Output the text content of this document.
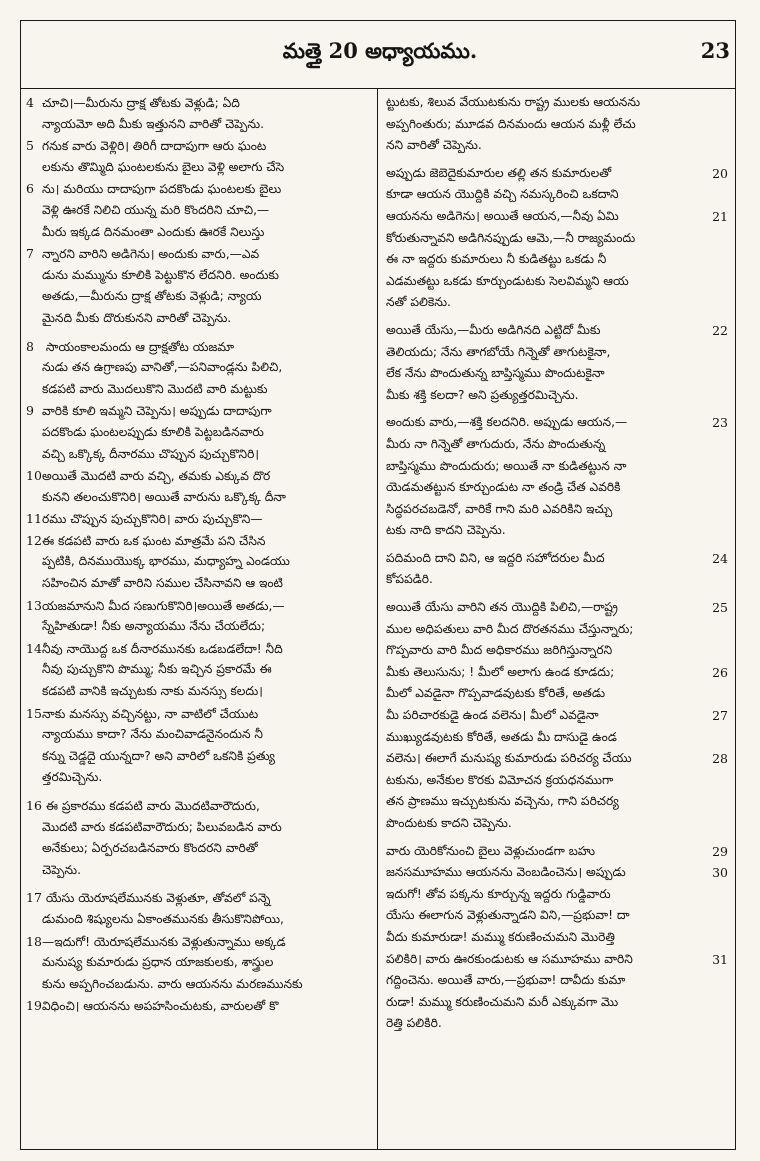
మత్తై 20 అధ్యాయము.	23
4 చూచి।—మీరును ద్రాక్ష తోటకు వెళ్లుడి; ఏది
న్యాయమో అది మీకు ఇత్తునని వారితో చెప్పెను.
5 గనుక వారు వెళ్లిరి। తిరిగీ దాదాపుగా ఆరు ఘంట
లకును తొమ్మిది ఘంటలకును బైలు వెళ్లి అలాగు చేసె
6 ను। మరియు దాదాపుగా పదకొండు ఘంటలకు బైలు
వెళ్లి ఊరకే నిలిచి యున్న మరి కొందరిని చూచి,—
మీరు ఇక్కడ దినమంతా ఎందుకు ఊరకే నిలుస్తు
7 న్నారని వారిని అడిగెను। అందుకు వారు,—ఎవ
డును మమ్మును కూలికి పెట్టుకొన లేదనిరి. అందుకు
అతడు,—మీరును ద్రాక్ష తోటకు వెళ్లుడి; న్యాయ
మైనది మీకు దొరుకునని వారితో చెప్పెను.
8 సాయంకాలమందు ఆ ద్రాక్షతోట యజమా
నుడు తన ఉగ్రాణపు వానితో,—పనివాండ్లను పిలిచి,
కడపటి వారు మొదలుకొని మొదటి వారి మట్టుకు
9 వారికి కూలి ఇమ్మని చెప్పెను। అప్పుడు దాదాపుగా
పదకొండు ఘంటలప్పుడు కూలికి పెట్టబడినవారు
వచ్చి ఒక్కొక్క దీనారము చొప్పున పుచ్చుకొనిరి।
10అయితే మొదటి వారు వచ్చి, తమకు ఎక్కువ దొర
కునని తలంచుకొనిరి। అయితే వారును ఒక్కొక్క దీనా
11రము చొప్పున పుచ్చుకొనిరి। వారు పుచ్చుకొని—
12ఈ కడపటి వారు ఒక ఘంట మాత్రమే పని చేసిన
ప్పటికి, దినముయొక్క భారము, మధ్యాహ్న ఎండయు
సహించిన మాతో వారిని సముల చేసినావని ఆ ఇంటి
13యజమానుని మీద సణుగుకొనిరి।అయితే అతడు,—
స్నేహితుడా! నీకు అన్యాయము నేను చేయలేదు;
14నీవు నాయొద్ద ఒక దీనారమునకు ఒడబడలేదా! నీది
నీవు పుచ్చుకొని పొమ్ము; నీకు ఇచ్చిన ప్రకారమే ఈ
కడపటి వానికి ఇచ్చుటకు నాకు మనస్సు కలదు।
15నాకు మనస్సు వచ్చినట్టు, నా వాటిలో చేయుట
న్యాయము కాదా? నేను మంచివాడనైనందున నీ
కన్ను చెడ్డదై యున్నదా? అని వారిలో ఒకనికి ప్రత్యు
త్తరమిచ్చెను.
16 ఈ ప్రకారము కడపటి వారు మొదటివారౌదురు,
మొదటి వారు కడపటివారౌదురు; పిలువబడిన వారు
అనేకులు; ఏర్పరచబడినవారు కొందరని వారితో
చెప్పెను.
17 యేసు యెరూషలేమునకు వెళ్లుతూ, తోవలో పన్నె
డుమంది శిష్యులను ఏకాంతమునకు తీసుకొనిపోయి,
18—ఇదుగో! యెరూషలేమునకు వెళ్లుతున్నాము అక్కడ
మనుష్య కుమారుడు ప్రధాన యాజకులకు, శాస్త్రుల
కును అప్పగించబడును. వారు ఆయనను మరణమునకు
19విధించి। ఆయనను అపహసించుటకు, వారులతో కొ
ట్టుటకు, శిలువ వేయుటకును రాష్ట్ర ములకు ఆయనను
అప్పగింతురు; మూడవ దినమందు ఆయన మళ్లీ లేచు
నని వారితో చెప్పెను.
అప్పుడు జెబెదైకుమారుల తల్లి తన కుమారులతో	20
కూడా ఆయన యొద్దికి వచ్చి నమస్కరించి ఒకదాని
ఆయనను అడిగెను। అయితే ఆయన,—నీవు ఏమి	21
కోరుతున్నావని అడిగినప్పుడు ఆమె,—నీ రాజ్యమందు
ఈ నా ఇద్దరు కుమారులు నీ కుడితట్టు ఒకడు నీ
ఎడమతట్టు ఒకడు కూర్చుండుటకు సెలవిమ్మని ఆయ
నతో పలికెను.
అయితే యేసు,—మీరు అడిగినది ఎట్టిదో మీకు	22
తెలియదు; నేను తాగబోయే గిన్నెతో తాగుటకైనా,
లేక నేను పొందుతున్న బాప్తిస్మము పొందుటకైనా
మీకు శక్తి కలదా? అని ప్రత్యుత్తరమిచ్చెను.
అందుకు వారు,—శక్తి కలదనిరి. అప్పుడు ఆయన,—	23
మీరు నా గిన్నెతో తాగుదురు, నేను పొందుతున్న
బాప్తిస్మము పొందుదురు; అయితే నా కుడితట్టున నా
యెడమతట్టున కూర్చుండుట నా తండ్రి చేత ఎవరికి
సిద్ధపరచబడెనో, వారికే గాని మరి ఎవరికిని ఇచ్చు
టకు నాది కాదని చెప్పెను.
పదిమంది దాని విని, ఆ ఇద్దరి సహోదరుల మీద	24
కోపపడిరి.
అయితే యేసు వారిని తన యొద్దికి పిలిచి,—రాష్ట్ర	25
ముల అధిపతులు వారి మీద దొరతనము చేస్తున్నారు;
గొప్పవారు వారి మీద అధికారము జరిగిస్తున్నారని
మీకు తెలుసును; ! మీలో అలాగు ఉండ కూడదు;	26
మీలో ఎవడైనా గొప్పవాడవుటకు కోరితే, అతడు
మీ పరిచారకుడై ఉండ వలెను। మీలో ఎవడైనా	27
ముఖ్యుడవుటకు కోరితే, అతడు మీ దాసుడై ఉండ
వలెను। ఈలాగే మనుష్య కుమారుడు పరిచర్య చేయు	28
టకును, అనేకుల కొరకు విమోచన క్రయధనముగా
తన ప్రాణము ఇచ్చుటకును వచ్చెను, గాని పరిచర్య
పొందుటకు కాదని చెప్పెను.
వారు యెరికోనుంచి బైలు వెళ్లుచుండగా బహు	29
జనసమూహము ఆయనను వెంబడించెను। అప్పుడు	30
ఇదుగో! తోవ పక్కను కూర్చున్న ఇద్దరు గుడ్డివారు
యేసు ఈలాగున వెళ్లుతున్నాడని విని,—ప్రభువా! దా
వీదు కుమారుడా! మమ్ము కరుణించుమని మొరెత్తి
పలికిరి। వారు ఊరకుండుటకు ఆ సమూహము వారిని	31
గద్దించెను. అయితే వారు,—ప్రభువా! దావీదు కుమా
రుడా! మమ్ము కరుణించుమని మరీ ఎక్కువగా మొ
రెత్తి పలికిరి.
